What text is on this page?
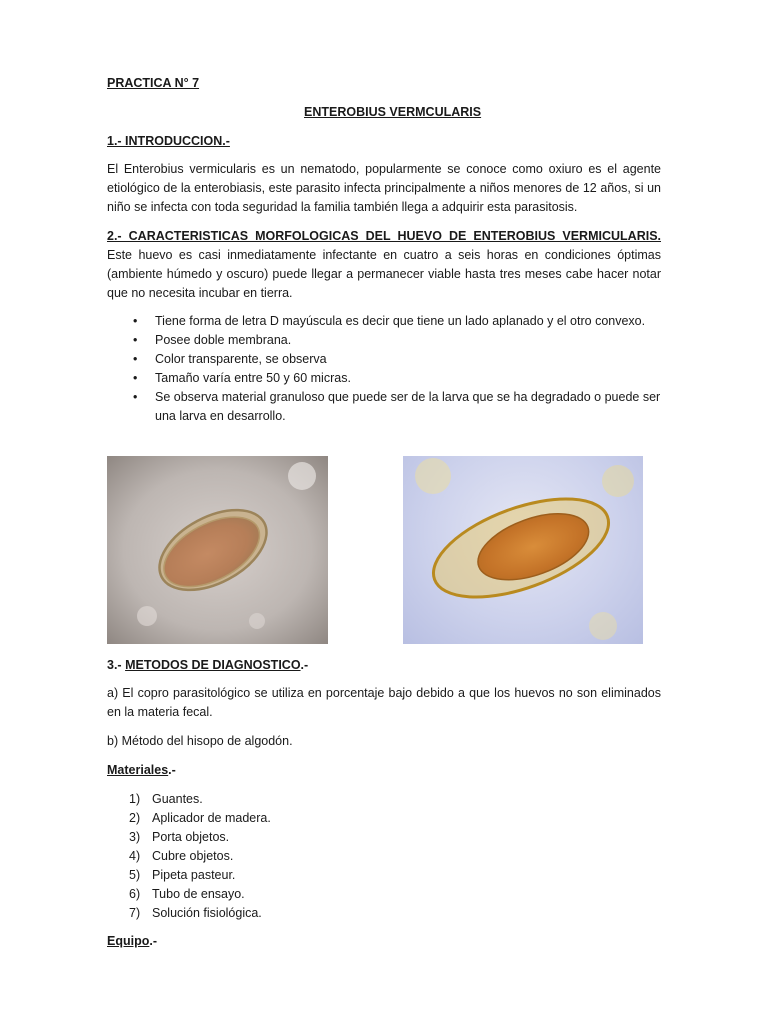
PRACTICA N° 7
ENTEROBIUS VERMCULARIS
1.- INTRODUCCION.-
El Enterobius vermicularis es un nematodo, popularmente se conoce como oxiuro es el agente etiológico de la enterobiasis, este parasito infecta principalmente a niños menores de 12 años, si un niño se infecta con toda seguridad la familia también llega a adquirir esta parasitosis.
2.- CARACTERISTICAS MORFOLOGICAS DEL HUEVO DE ENTEROBIUS VERMICULARIS. Este huevo es casi inmediatamente infectante en cuatro a seis horas en condiciones óptimas (ambiente húmedo y oscuro) puede llegar a permanecer viable hasta tres meses cabe hacer notar que no necesita incubar en tierra.
• Tiene forma de letra D mayúscula es decir que tiene un lado aplanado y el otro convexo.
• Posee doble membrana.
• Color transparente, se observa
• Tamaño varía entre 50 y 60 micras.
• Se observa material granuloso que puede ser de la larva que se ha degradado o puede ser una larva en desarrollo.
3.- METODOS DE DIAGNOSTICO.-
a) El copro parasitológico se utiliza en porcentaje bajo debido a que los huevos no son eliminados en la materia fecal.
b) Método del hisopo de algodón.
Materiales.-
1) Guantes.
2) Aplicador de madera.
3) Porta objetos.
4) Cubre objetos.
5) Pipeta pasteur.
6) Tubo de ensayo.
7) Solución fisiológica.
Equipo.-
